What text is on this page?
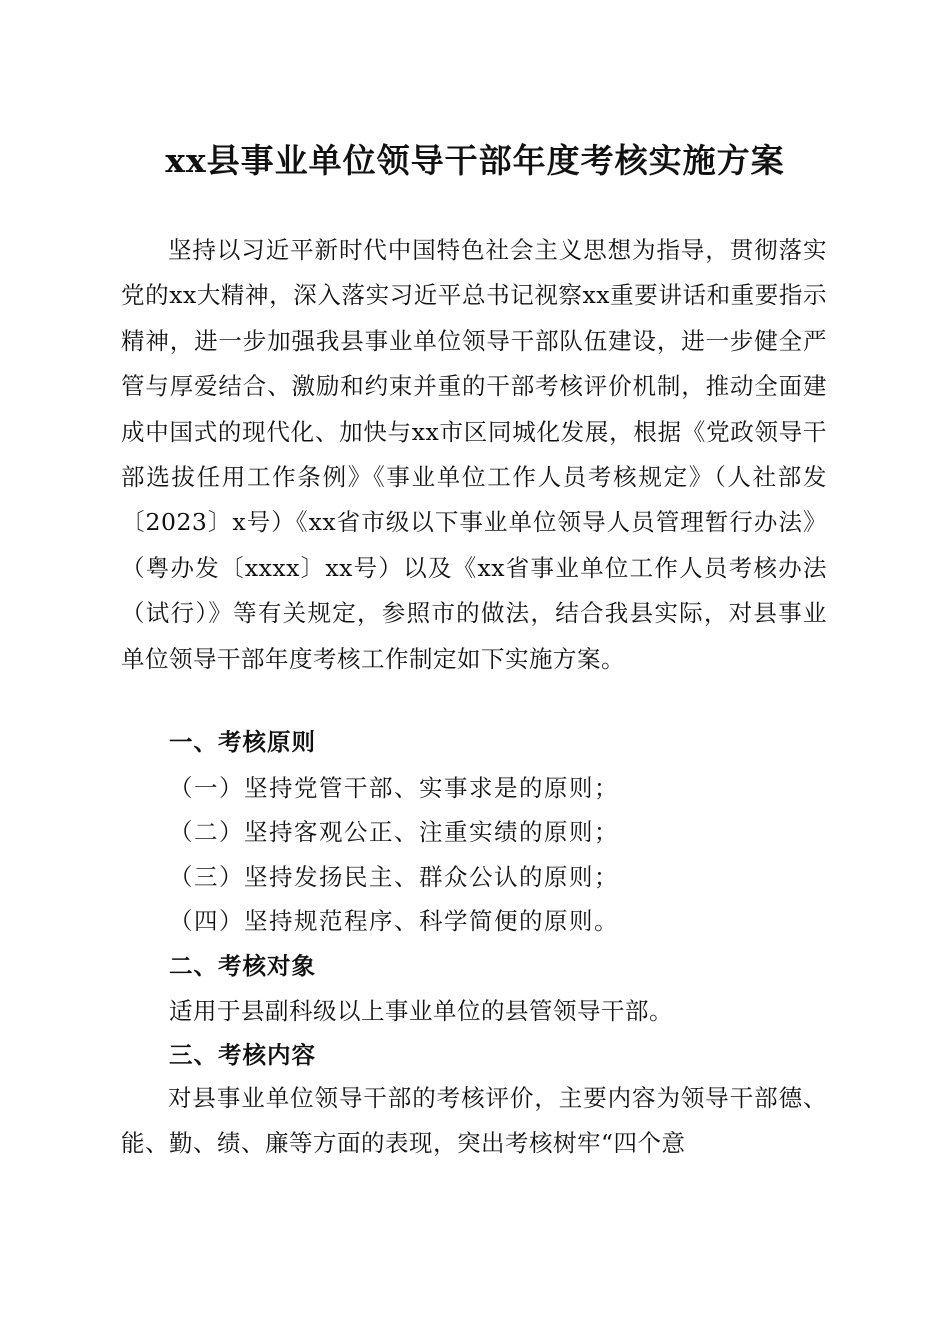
xx县事业单位领导干部年度考核实施方案

坚持以习近平新时代中国特色社会主义思想为指导，贯彻落实党的xx大精神，深入落实习近平总书记视察xx重要讲话和重要指示精神，进一步加强我县事业单位领导干部队伍建设，进一步健全严管与厚爱结合、激励和约束并重的干部考核评价机制，推动全面建成中国式的现代化、加快与xx市区同城化发展，根据《党政领导干部选拔任用工作条例》《事业单位工作人员考核规定》（人社部发〔2023〕x号）《xx省市级以下事业单位领导人员管理暂行办法》（粤办发〔xxxx〕xx号）以及《xx省事业单位工作人员考核办法（试行）》等有关规定，参照市的做法，结合我县实际，对县事业单位领导干部年度考核工作制定如下实施方案。

一、考核原则

（一）坚持党管干部、实事求是的原则；

（二）坚持客观公正、注重实绩的原则；

（三）坚持发扬民主、群众公认的原则；

（四）坚持规范程序、科学简便的原则。

二、考核对象

适用于县副科级以上事业单位的县管领导干部。

三、考核内容

对县事业单位领导干部的考核评价，主要内容为领导干部德、能、勤、绩、廉等方面的表现，突出考核树牢“四个意
